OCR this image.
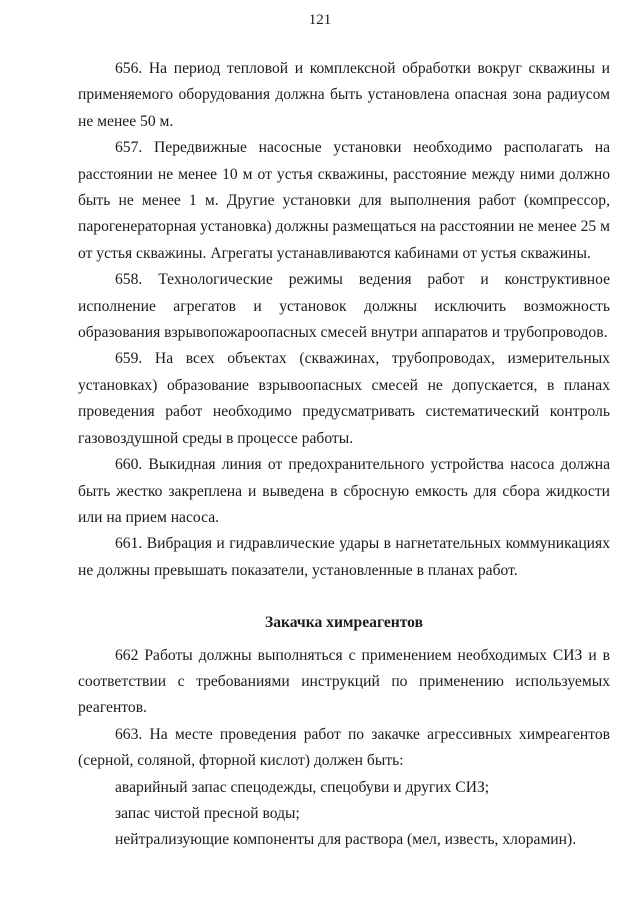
121

656. На период тепловой и комплексной обработки вокруг скважины и применяемого оборудования должна быть установлена опасная зона радиусом не менее 50 м.

657. Передвижные насосные установки необходимо располагать на расстоянии не менее 10 м от устья скважины, расстояние между ними должно быть не менее 1 м. Другие установки для выполнения работ (компрессор, парогенераторная установка) должны размещаться на расстоянии не менее 25 м от устья скважины. Агрегаты устанавливаются кабинами от устья скважины.

658. Технологические режимы ведения работ и конструктивное исполнение агрегатов и установок должны исключить возможность образования взрывопожароопасных смесей внутри аппаратов и трубопроводов.

659. На всех объектах (скважинах, трубопроводах, измерительных установках) образование взрывоопасных смесей не допускается, в планах проведения работ необходимо предусматривать систематический контроль газовоздушной среды в процессе работы.

660. Выкидная линия от предохранительного устройства насоса должна быть жестко закреплена и выведена в сбросную емкость для сбора жидкости или на прием насоса.

661. Вибрация и гидравлические удары в нагнетательных коммуникациях не должны превышать показатели, установленные в планах работ.

Закачка химреагентов

662 Работы должны выполняться с применением необходимых СИЗ и в соответствии с требованиями инструкций по применению используемых реагентов.

663. На месте проведения работ по закачке агрессивных химреагентов (серной, соляной, фторной кислот) должен быть:

аварийный запас спецодежды, спецобуви и других СИЗ;

запас чистой пресной воды;

нейтрализующие компоненты для раствора (мел, известь, хлорамин).
